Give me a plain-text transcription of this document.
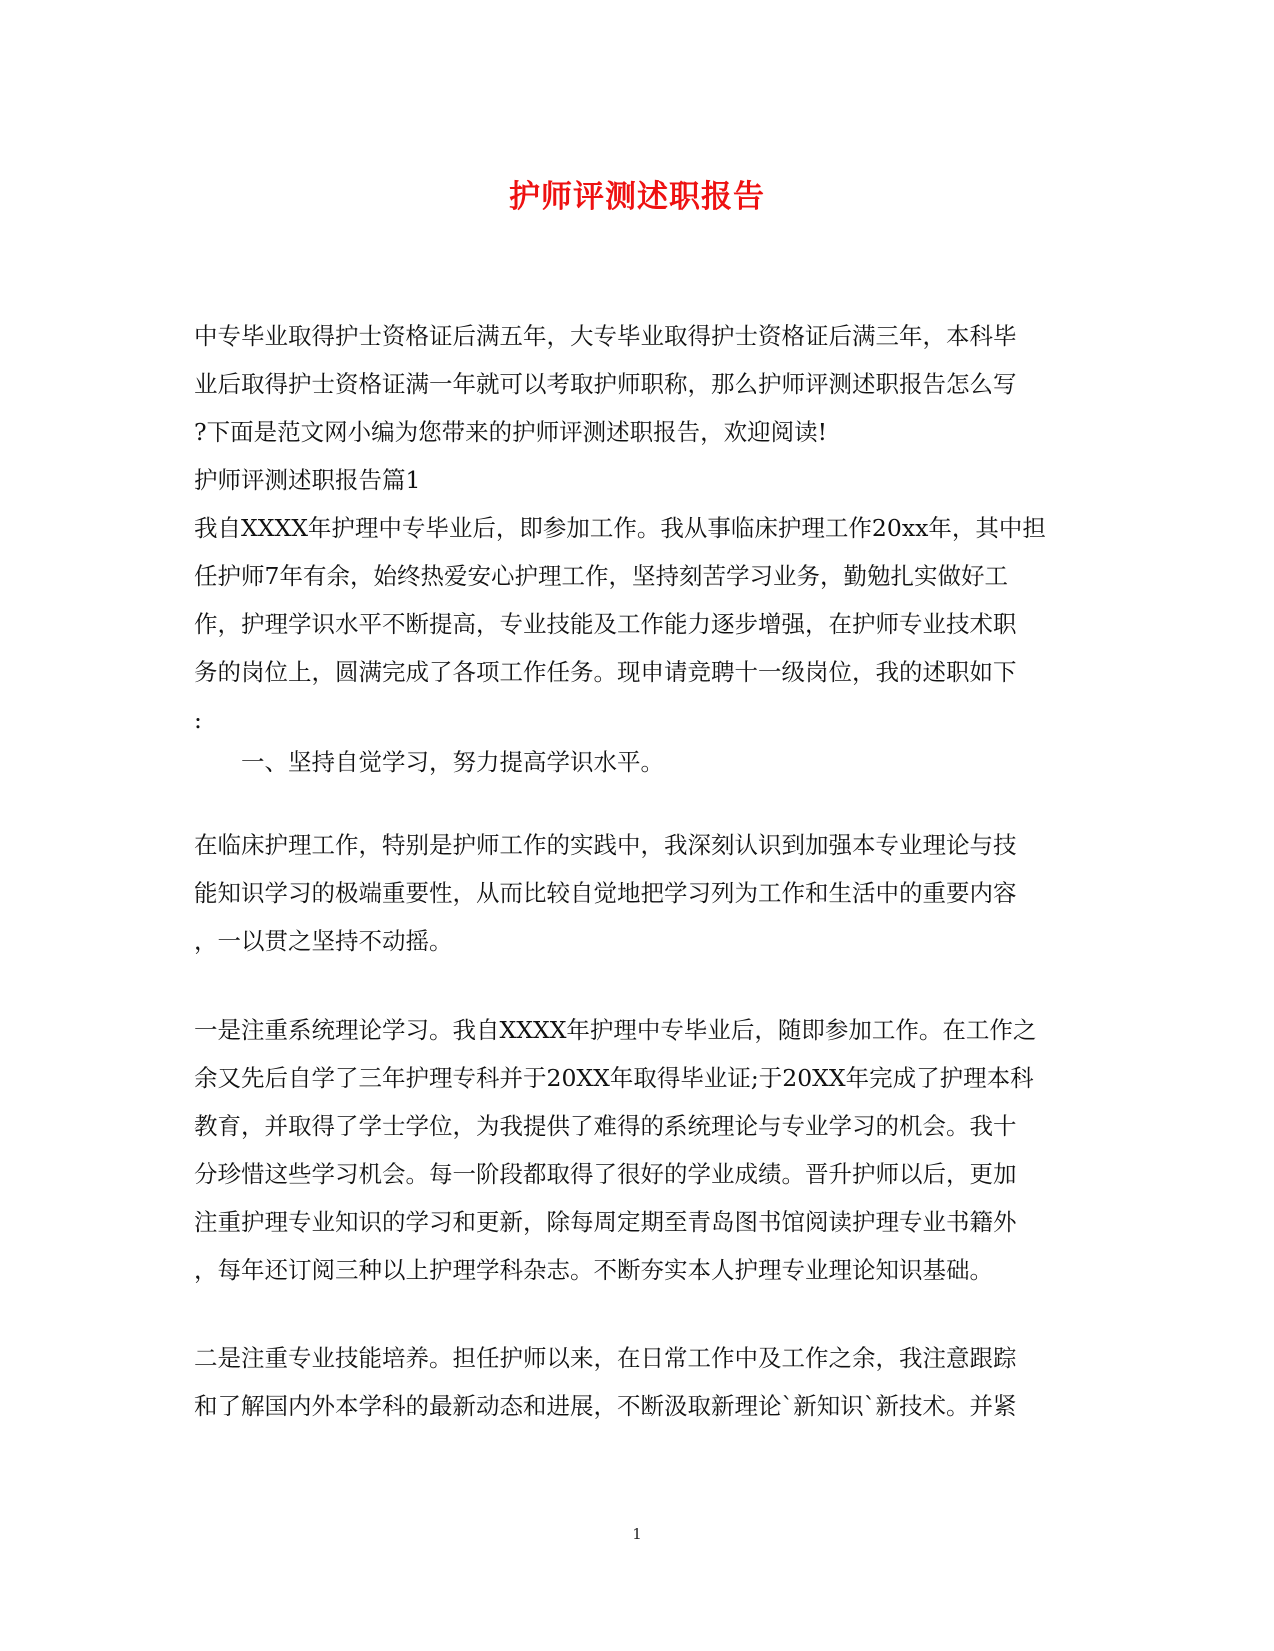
护师评测述职报告
中专毕业取得护士资格证后满五年，大专毕业取得护士资格证后满三年，本科毕
业后取得护士资格证满一年就可以考取护师职称，那么护师评测述职报告怎么写
?下面是范文网小编为您带来的护师评测述职报告，欢迎阅读!
护师评测述职报告篇1
我自XXXX年护理中专毕业后，即参加工作。我从事临床护理工作20xx年，其中担
任护师7年有余，始终热爱安心护理工作，坚持刻苦学习业务，勤勉扎实做好工
作，护理学识水平不断提高，专业技能及工作能力逐步增强，在护师专业技术职
务的岗位上，圆满完成了各项工作任务。现申请竞聘十一级岗位，我的述职如下
:
一、坚持自觉学习，努力提高学识水平。
在临床护理工作，特别是护师工作的实践中，我深刻认识到加强本专业理论与技
能知识学习的极端重要性，从而比较自觉地把学习列为工作和生活中的重要内容
，一以贯之坚持不动摇。
一是注重系统理论学习。我自XXXX年护理中专毕业后，随即参加工作。在工作之
余又先后自学了三年护理专科并于20XX年取得毕业证;于20XX年完成了护理本科
教育，并取得了学士学位，为我提供了难得的系统理论与专业学习的机会。我十
分珍惜这些学习机会。每一阶段都取得了很好的学业成绩。晋升护师以后，更加
注重护理专业知识的学习和更新，除每周定期至青岛图书馆阅读护理专业书籍外
，每年还订阅三种以上护理学科杂志。不断夯实本人护理专业理论知识基础。
二是注重专业技能培养。担任护师以来，在日常工作中及工作之余，我注意跟踪
和了解国内外本学科的最新动态和进展，不断汲取新理论`新知识`新技术。并紧
1
